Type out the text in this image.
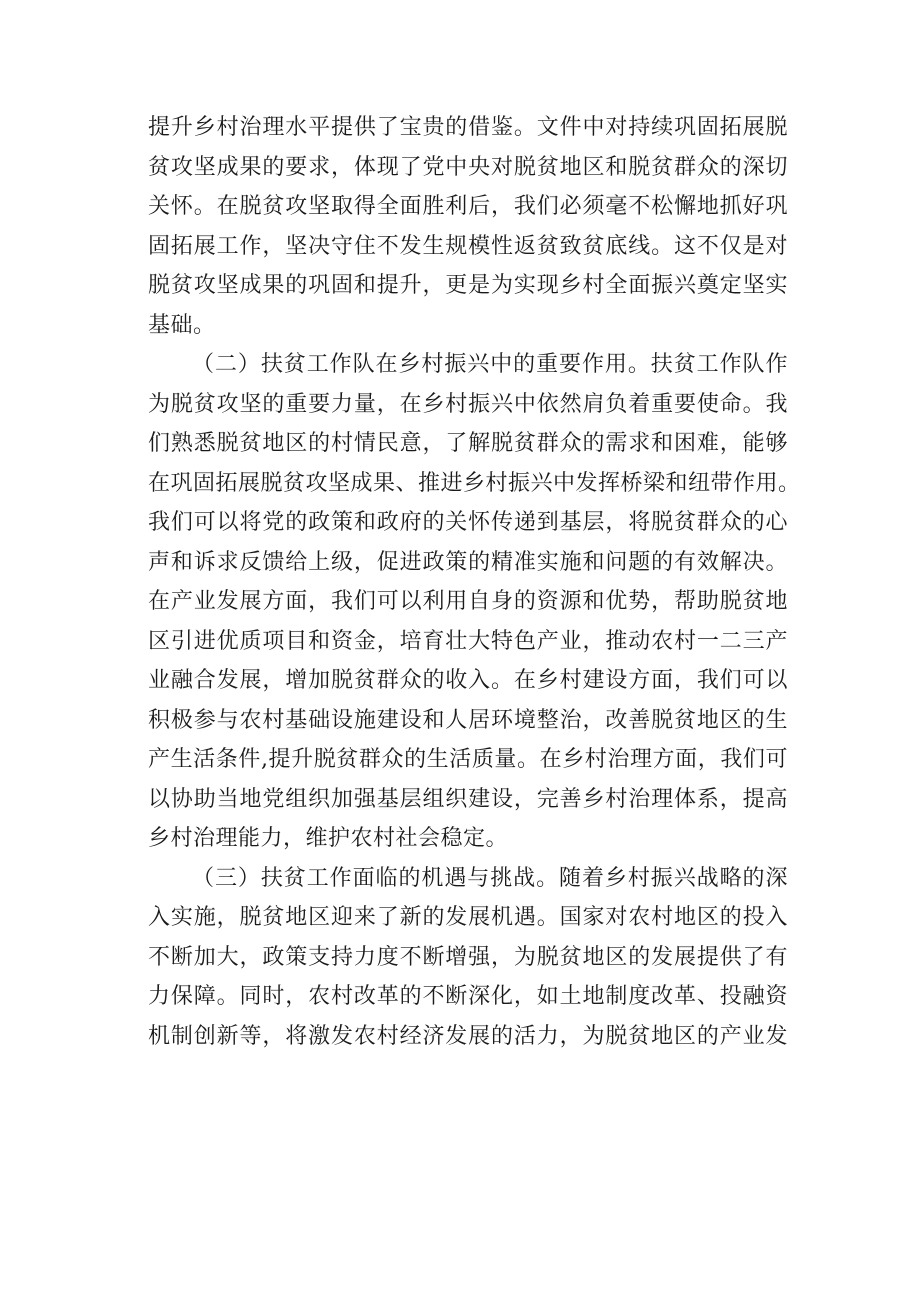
提升乡村治理水平提供了宝贵的借鉴。文件中对持续巩固拓展脱
贫攻坚成果的要求，体现了党中央对脱贫地区和脱贫群众的深切
关怀。在脱贫攻坚取得全面胜利后，我们必须毫不松懈地抓好巩
固拓展工作，坚决守住不发生规模性返贫致贫底线。这不仅是对
脱贫攻坚成果的巩固和提升，更是为实现乡村全面振兴奠定坚实
基础。
（二）扶贫工作队在乡村振兴中的重要作用。扶贫工作队作
为脱贫攻坚的重要力量，在乡村振兴中依然肩负着重要使命。我
们熟悉脱贫地区的村情民意，了解脱贫群众的需求和困难，能够
在巩固拓展脱贫攻坚成果、推进乡村振兴中发挥桥梁和纽带作用。
我们可以将党的政策和政府的关怀传递到基层，将脱贫群众的心
声和诉求反馈给上级，促进政策的精准实施和问题的有效解决。
在产业发展方面，我们可以利用自身的资源和优势，帮助脱贫地
区引进优质项目和资金，培育壮大特色产业，推动农村一二三产
业融合发展，增加脱贫群众的收入。在乡村建设方面，我们可以
积极参与农村基础设施建设和人居环境整治，改善脱贫地区的生
产生活条件,提升脱贫群众的生活质量。在乡村治理方面，我们可
以协助当地党组织加强基层组织建设，完善乡村治理体系，提高
乡村治理能力，维护农村社会稳定。
（三）扶贫工作面临的机遇与挑战。随着乡村振兴战略的深
入实施，脱贫地区迎来了新的发展机遇。国家对农村地区的投入
不断加大，政策支持力度不断增强，为脱贫地区的发展提供了有
力保障。同时，农村改革的不断深化，如土地制度改革、投融资
机制创新等，将激发农村经济发展的活力，为脱贫地区的产业发
